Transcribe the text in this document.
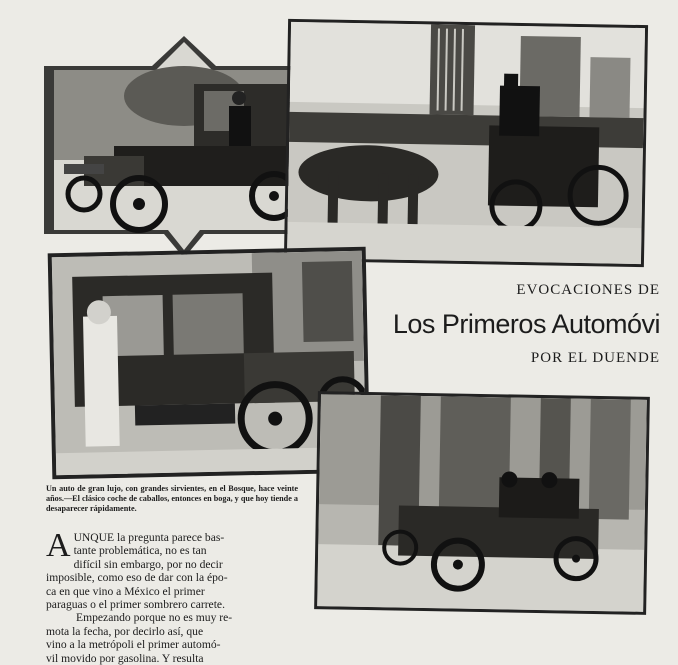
EVOCACIONES DE
Los Primeros Automóvi
POR EL DUENDE
Un auto de gran lujo, con grandes sirvientes, en el Bosque, hace veinte años.—El clásico coche de caballos, entonces en boga, y que hoy tiende a desaparecer rápidamente.
A UNQUE la pregunta parece bas-
tante problemática, no es tan
difícil sin embargo, por no decir
imposible, como eso de dar con la épo-
ca en que vino a México el primer
paraguas o el primer sombrero carrete.
Empezando porque no es muy re-
mota la fecha, por decirlo así, que
vino a la metrópoli el primer automó-
vil movido por gasolina. Y resulta
